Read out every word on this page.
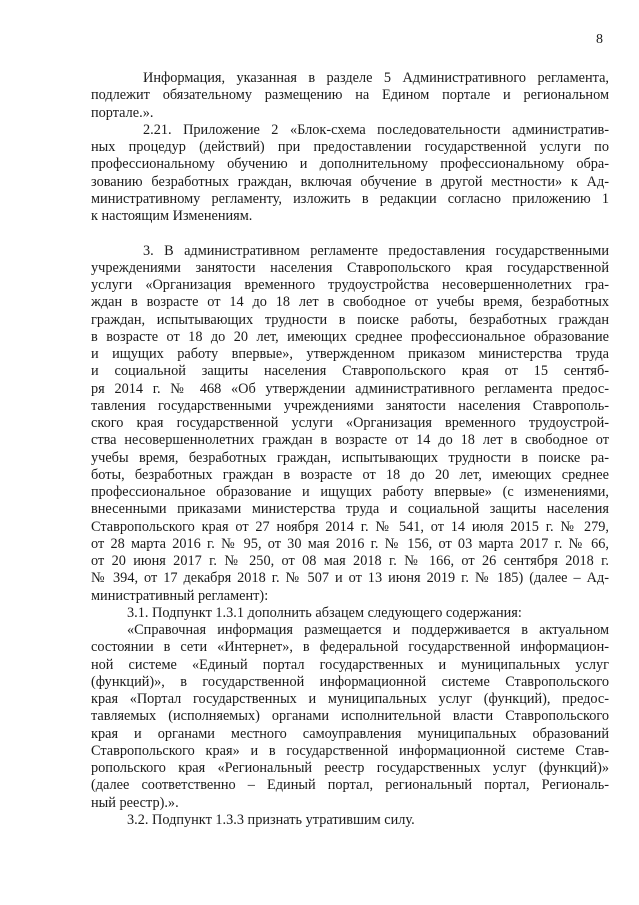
8
Информация, указанная в разделе 5 Административного регламента,
подлежит обязательному размещению на Едином портале и региональном
портале.».
2.21. Приложение 2 «Блок-схема последовательности административ-
ных процедур (действий) при предоставлении государственной услуги по
профессиональному обучению и дополнительному профессиональному обра-
зованию безработных граждан, включая обучение в другой местности» к Ад-
министративному регламенту, изложить в редакции согласно приложению 1
к настоящим Изменениям.
3. В административном регламенте предоставления государственными
учреждениями занятости населения Ставропольского края государственной
услуги «Организация временного трудоустройства несовершеннолетних гра-
ждан в возрасте от 14 до 18 лет в свободное от учебы время, безработных
граждан, испытывающих трудности в поиске работы, безработных граждан
в возрасте от 18 до 20 лет, имеющих среднее профессиональное образование
и ищущих работу впервые», утвержденном приказом министерства труда
и социальной защиты населения Ставропольского края от 15 сентяб-
ря 2014 г. № 468 «Об утверждении административного регламента предос-
тавления государственными учреждениями занятости населения Ставрополь-
ского края государственной услуги «Организация временного трудоустрой-
ства несовершеннолетних граждан в возрасте от 14 до 18 лет в свободное от
учебы время, безработных граждан, испытывающих трудности в поиске ра-
боты, безработных граждан в возрасте от 18 до 20 лет, имеющих среднее
профессиональное образование и ищущих работу впервые» (с изменениями,
внесенными приказами министерства труда и социальной защиты населения
Ставропольского края от 27 ноября 2014 г. № 541, от 14 июля 2015 г. № 279,
от 28 марта 2016 г. № 95, от 30 мая 2016 г. № 156, от 03 марта 2017 г. № 66,
от 20 июня 2017 г. № 250, от 08 мая 2018 г. № 166, от 26 сентября 2018 г.
№ 394, от 17 декабря 2018 г. № 507 и от 13 июня 2019 г. № 185) (далее – Ад-
министративный регламент):
3.1. Подпункт 1.3.1 дополнить абзацем следующего содержания:
«Справочная информация размещается и поддерживается в актуальном
состоянии в сети «Интернет», в федеральной государственной информацион-
ной системе «Единый портал государственных и муниципальных услуг
(функций)», в государственной информационной системе Ставропольского
края «Портал государственных и муниципальных услуг (функций), предос-
тавляемых (исполняемых) органами исполнительной власти Ставропольского
края и органами местного самоуправления муниципальных образований
Ставропольского края» и в государственной информационной системе Став-
ропольского края «Региональный реестр государственных услуг (функций)»
(далее соответственно – Единый портал, региональный портал, Региональ-
ный реестр).».
3.2. Подпункт 1.3.3 признать утратившим силу.
